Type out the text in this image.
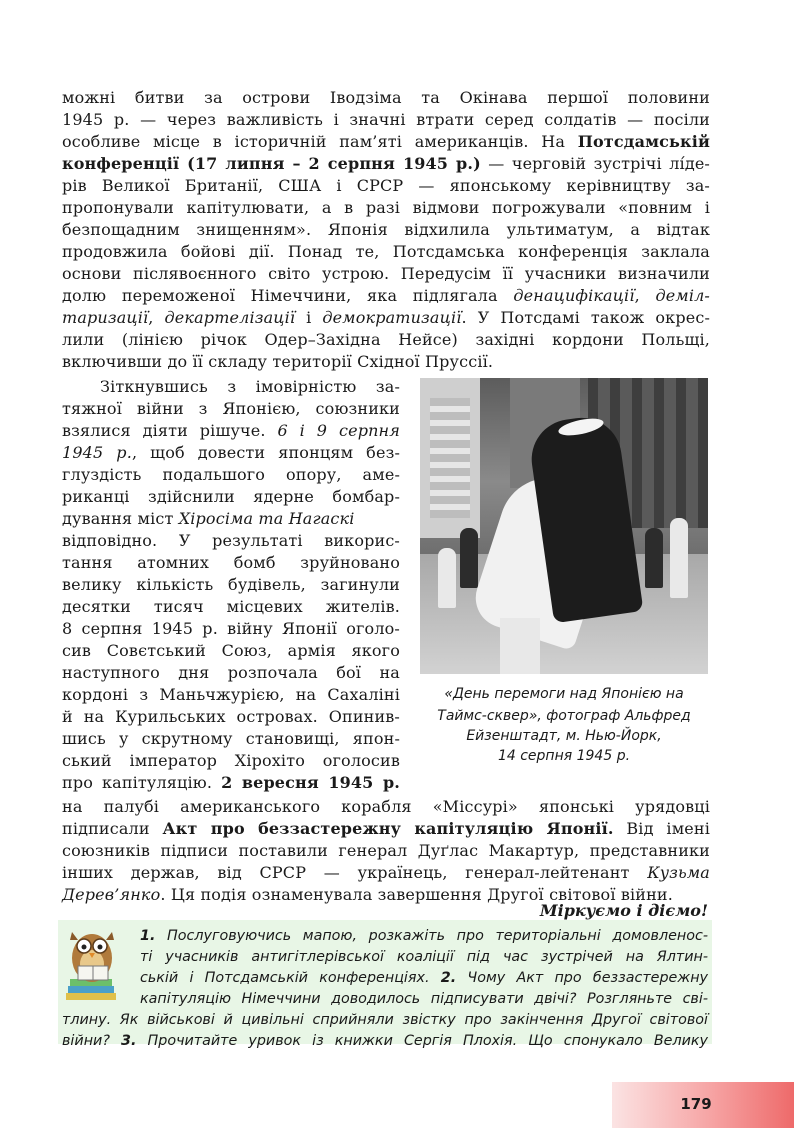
можні битви за острови Іводзіма та Окінава першої половини
1945 р. — через важливість і значні втрати серед солдатів — посіли
особливе місце в історичній пам’яті американців. На Потсдамській
конференції (17 липня – 2 серпня 1945 р.) — черговій зустрічі лíде-
рів Великої Британії, США і СРСР — японському керівництву за-
пропонували капітулювати, а в разі відмови погрожували «повним і
безпощадним знищенням». Японія відхилила ультиматум, а відтак
продовжила бойові дії. Понад те, Потсдамська конференція заклала
основи післявоєнного світо устрою. Передусім її учасники визначили
долю переможеної Німеччини, яка підлягала денацифікації, деміл-
таризації, декартелізації і демократизації. У Потсдамі також окрес-
лили (лінією річок Одер–Західна Нейсе) західні кордони Польщі,
включивши до її складу території Східної Пруссії.
Зіткнувшись з імовірністю за-
тяжної війни з Японією, союзники
взялися діяти рішуче. 6 і 9 серпня
1945 р., щоб довести японцям без-
глуздість подальшого опору, аме-
риканці здійснили ядерне бомбар-
дування міст Хіросіма та Нагаскі
відповідно. У результаті викорис-
тання атомних бомб зруйновано
велику кількість будівель, загинули
десятки тисяч місцевих жителів.
8 серпня 1945 р. війну Японії оголо-
сив Совєтський Союз, армія якого
наступного дня розпочала бої на
кордоні з Маньчжурією, на Сахаліні
й на Курильських островах. Опинив-
шись у скрутному становищі, япон-
ський імператор Хірохіто оголосив
про капітуляцію. 2 вересня 1945 р.
на палубі американського корабля «Міссурі» японські урядовці
підписали Акт про беззастережну капітуляцію Японії. Від імені
союзників підписи поставили генерал Дуґлас Макартур, представники
інших держав, від СРСР — українець, генерал-лейтенант Кузьма
Дерев’янко. Ця подія ознаменувала завершення Другої світової війни.
«День перемоги над Японією на
Таймс-сквер», фотограф Альфред
Ейзенштадт, м. Нью-Йорк,
14 серпня 1945 р.
Міркуємо і діємо!
1. Послуговуючись мапою, розкажіть про територіальні домовленос-
ті учасників антигітлерівської коаліції під час зустрічей на Ялтин-
ській і Потсдамській конференціях. 2. Чому Акт про беззастережну
капітуляцію Німеччини доводилось підписувати двічі? Розгляньте сві-
тлину. Як військові й цивільні сприйняли звістку про закінчення Другої світової
війни? 3. Прочитайте уривок із книжки Сергія Плохія. Що спонукало Велику
179
